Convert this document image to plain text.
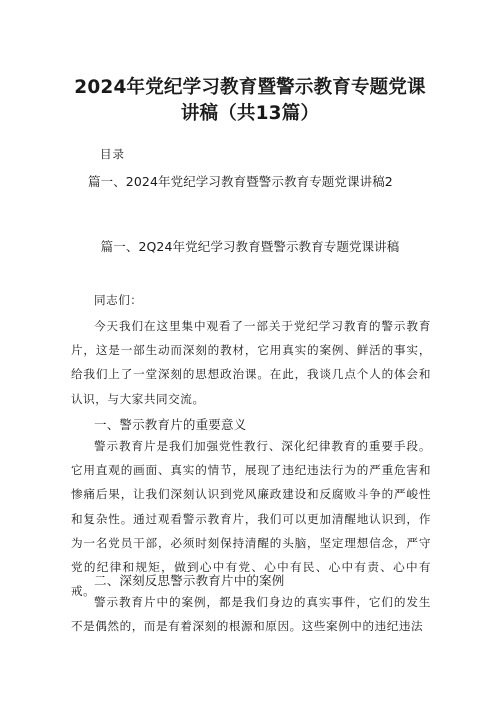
2024年党纪学习教育暨警示教育专题党课
讲稿（共13篇）
目录
篇一、2024年党纪学习教育暨警示教育专题党课讲稿2
篇一、2Q24年党纪学习教育暨警示教育专题党课讲稿
同志们：
今天我们在这里集中观看了一部关于党纪学习教育的警示教育片，这是一部生动而深刻的教材，它用真实的案例、鲜活的事实，给我们上了一堂深刻的思想政治课。在此，我谈几点个人的体会和认识，与大家共同交流。
一、警示教育片的重要意义
警示教育片是我们加强党性教行、深化纪律教育的重要手段。它用直观的画面、真实的情节，展现了违纪违法行为的严重危害和惨痛后果，让我们深刻认识到党风廉政建设和反腐败斗争的严峻性和复杂性。通过观看警示教育片，我们可以更加清醒地认识到，作为一名党员干部，必须时刻保持清醒的头脑，坚定理想信念，严守党的纪律和规矩，做到心中有党、心中有民、心中有责、心中有戒。
二、深刻反思警示教育片中的案例
警示教育片中的案例，都是我们身边的真实事件，它们的发生不是偶然的，而是有着深刻的根源和原因。这些案例中的违纪违法
